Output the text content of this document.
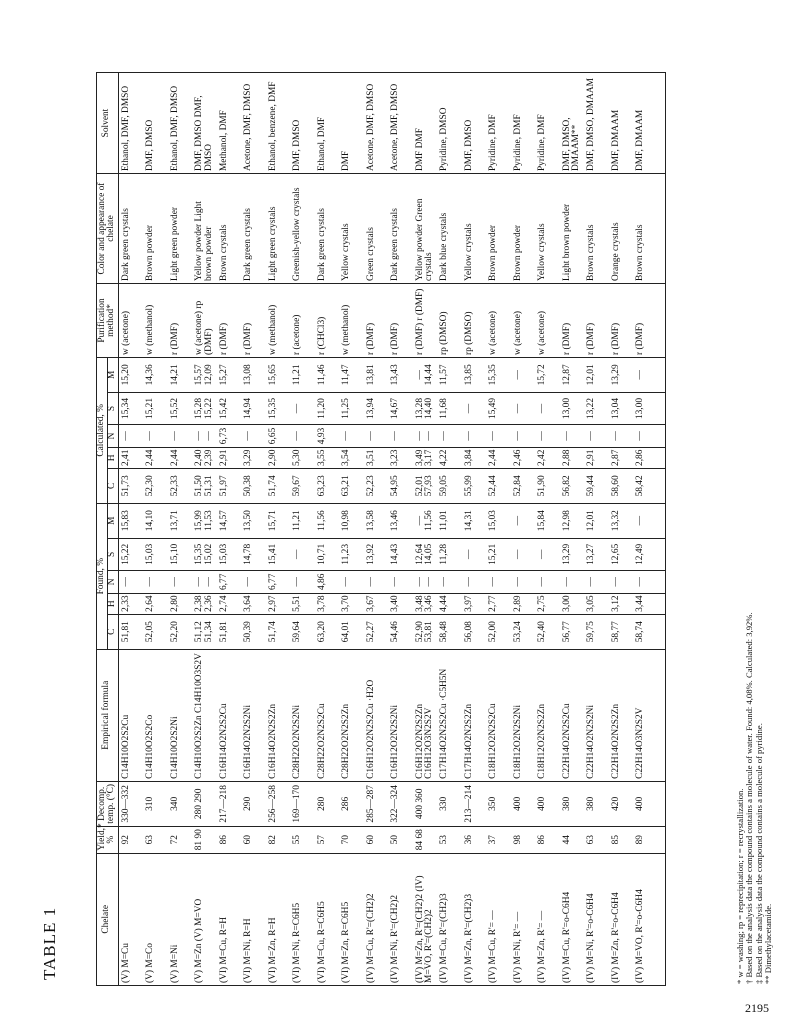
TABLE 1
2195
Chelate	Yield,* %	Decomp. temp. (°C)	Empirical formula	Found, %					Calculated, %					Purification method*	Color and appearance of chelate	Solvent
				C	H	N	S	M	C	H	N	S	M			
(V) M=Cu	92	330—332	C14H10O2S2Cu	51,81	2,33	—	15,22	15,83	51,73	2,41	—	15,34	15,20	w (acetone)	Dark green crystals	Ethanol, DMF, DMSO
(V) M=Co	63	310	C14H10O2S2Co	52,05	2,64	—	15,03	14,10	52,30	2,44	—	15,21	14,36	w (methanol)	Brown powder	DMF, DMSO
(V) M=Ni	72	340	C14H10O2S2Ni	52,20	2,80	—	15,10	13,71	52,33	2,44	—	15,52	14,21	r (DMF)	Light green powder	Ethanol, DMF, DMSO
(V) M=Zn (V) M=VO	81 90	280 290	C14H10O2S2Zn C14H10O3S2V	51,12 51,34	2,38 2,36	— —	15,35 15,02	15,99 11,53	51,50 51,31	2,40 2,39	— —	15,28 15,22	15,57 12,09	w (acetone) rp (DMF)	Yellow powder Light brown powder	DMF, DMSO DMF, DMSO
(VI) M=Cu, R=H	86	217—218	C16H14O2N2S2Cu	51,81	2,74	6,77	15,03	14,57	51,97	2,91	6,73	15,42	15,27	r (DMF)	Brown crystals	Methanol, DMF
(VI) M=Ni, R=H	60	290	C16H14O2N2S2Ni	50,39	3,64	—	14,78	13,50	50,38	3,29	—	14,94	13,08	r (DMF)	Dark green crystals	Acetone, DMF, DMSO
(VI) M=Zn, R=H	82	256—258	C16H14O2N2S2Zn	51,74	2,97	6,77	15,41	15,71	51,74	2,90	6,65	15,35	15,65	w (methanol)	Light green crystals	Ethanol, benzene, DMF
(VI) M=Ni, R=C6H5	55	169—170	C28H22O2N2S2Ni	59,64	5,51	—	—	11,21	59,67	5,30	—	—	11,21	r (acetone)	Greenish-yellow crystals	DMF, DMSO
(VI) M=Cu, R=C6H5	57	280	C28H22O2N2S2Cu	63,20	3,78	4,86	10,71	11,56	63,23	3,55	4,93	11,20	11,46	r (CHCl3)	Dark green crystals	Ethanol, DMF
(VI) M=Zn, R=C6H5	70	286	C28H22O2N2S2Zn	64,01	3,70	—	11,23	10,98	63,21	3,54	—	11,25	11,47	w (methanol)	Yellow crystals	DMF
(IV) M=Cu, R'=(CH2)2	60	285—287	C16H12O2N2S2Cu ·H2O	52,27	3,67	—	13,92	13,58	52,23	3,51	—	13,94	13,81	r (DMF)	Green crystals	Acetone, DMF, DMSO
(IV) M=Ni, R'=(CH2)2	50	322—324	C16H12O2N2S2Ni	54,46	3,40	—	14,43	13,46	54,95	3,23	—	14,67	13,43	r (DMF)	Dark green crystals	Acetone, DMF, DMSO
(IV) M=Zn, R'=(CH2)2 (IV) M=VO, R'=(CH2)2	84 68	400 360	C16H12O2N2S2Zn C16H12O3N2S2V	52,90 53,81	3,48 3,46	— —	12,64 14,05	— 11,56	52,01 57,93	3,49 3,17	— —	13,28 14,40	— 14,44	r (DMF) r (DMF)	Yellow powder Green crystals	DMF DMF
(IV) M=Cu, R'=(CH2)3	53	330	C17H14O2N2S2Cu ·C5H5N	58,48	4,44	—	11,28	11,01	59,05	4,22	—	11,68	11,57	rp (DMSO)	Dark blue crystals	Pyridine, DMSO
(IV) M=Zn, R'=(CH2)3	36	213—214	C17H14O2N2S2Zn	56,08	3,97	—	—	14,31	55,99	3,84	—	—	13,85	rp (DMSO)	Yellow crystals	DMF, DMSO
(IV) M=Cu, R'= —	37	350	C18H12O2N2S2Cu	52,00	2,77	—	15,21	15,03	52,44	2,44	—	15,49	15,35	w (acetone)	Brown powder	Pyridine, DMF
(IV) M=Ni, R'= —	98	400	C18H12O2N2S2Ni	53,24	2,89	—	—	—	52,84	2,46	—	—	—	w (acetone)	Brown powder	Pyridine, DMF
(IV) M=Zn, R'= —	86	400	C18H12O2N2S2Zn	52,40	2,75	—	—	15,84	51,90	2,42	—	—	15,72	w (acetone)	Yellow crystals	Pyridine, DMF
(IV) M=Cu, R'=o-C6H4	44	380	C22H14O2N2S2Cu	56,77	3,00	—	13,29	12,98	56,82	2,88	—	13,00	12,87	r (DMF)	Light brown powder	DMF, DMSO, DMAAM**
(IV) M=Ni, R'=o-C6H4	63	380	C22H14O2N2S2Ni	59,75	3,05	—	13,27	12,01	59,44	2,91	—	13,22	12,01	r (DMF)	Brown crystals	DMF, DMSO, DMAAM
(IV) M=Zn, R'=o-C6H4	85	420	C22H14O2N2S2Zn	58,77	3,12	—	12,65	13,32	58,60	2,87	—	13,04	13,29	r (DMF)	Orange crystals	DMF, DMAAM
(IV) M=VO, R'=o-C6H4	89	400	C22H14O3N2S2V	58,74	3,44	—	12,49	—	58,42	2,86	—	13,00	—	r (DMF)	Brown crystals	DMF, DMAAM
* w = washing; rp = reprecipitation; r = recrystallization. † Based on the analysis data the compound contains a molecule of water. Found: 4,08%. Calculated: 3,92%. ‡ Based on the analysis data the compound contains a molecule of pyridine. ** Dimethylacetamide.
